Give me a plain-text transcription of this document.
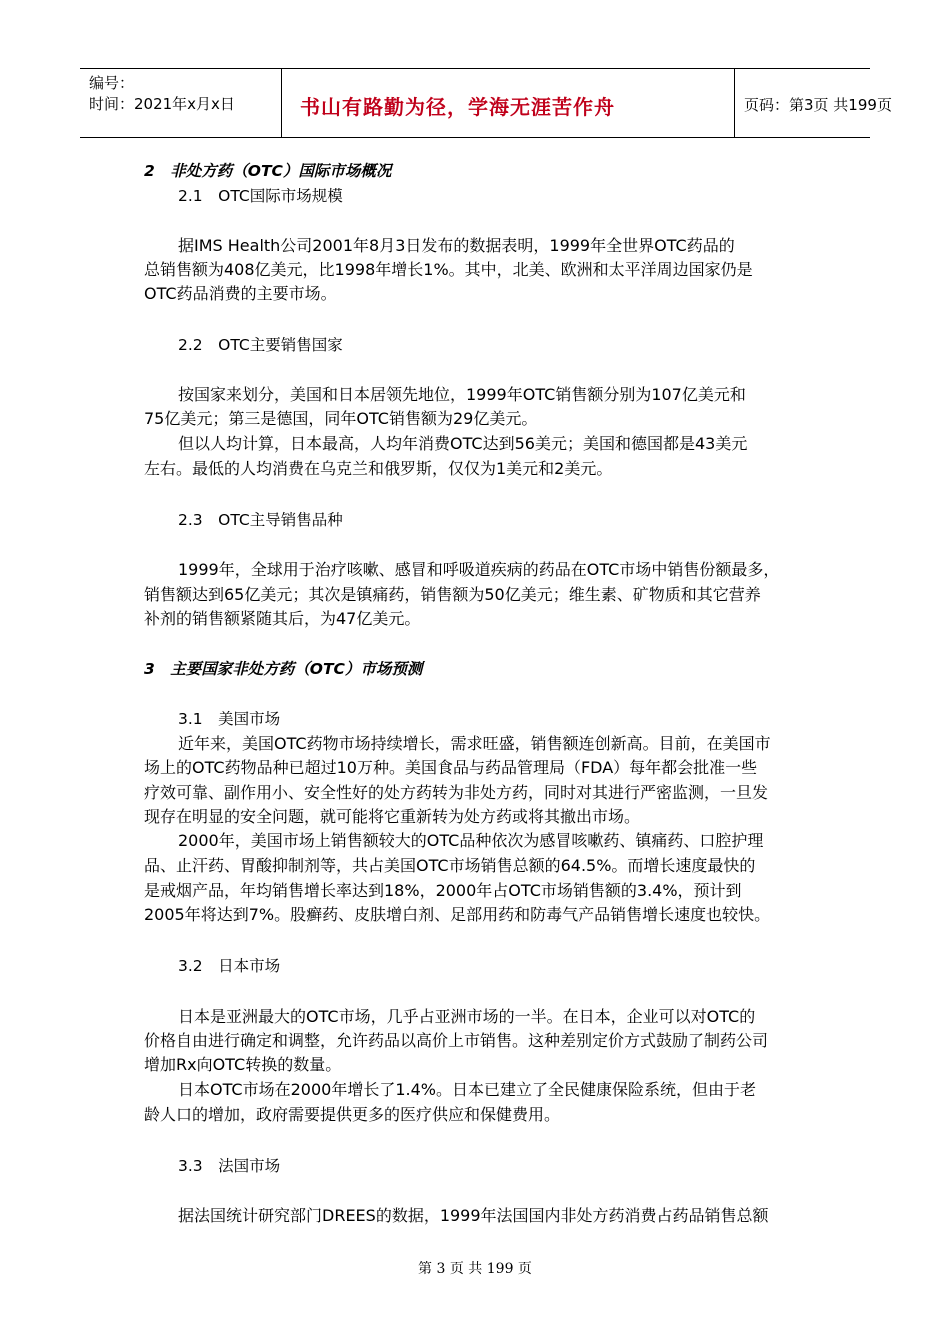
编号：
时间：2021年x月x日	书山有路勤为径，学海无涯苦作舟	页码：第3页 共199页
2　非处方药（OTC）国际市场概况
2.1　OTC国际市场规模
据IMS Health公司2001年8月3日发布的数据表明，1999年全世界OTC药品的
总销售额为408亿美元，比1998年增长1%。其中，北美、欧洲和太平洋周边国家仍是
OTC药品消费的主要市场。
2.2　OTC主要销售国家
按国家来划分，美国和日本居领先地位，1999年OTC销售额分别为107亿美元和
75亿美元；第三是德国，同年OTC销售额为29亿美元。
但以人均计算，日本最高，人均年消费OTC达到56美元；美国和德国都是43美元
左右。最低的人均消费在乌克兰和俄罗斯，仅仅为1美元和2美元。
2.3　OTC主导销售品种
1999年，全球用于治疗咳嗽、感冒和呼吸道疾病的药品在OTC市场中销售份额最多，
销售额达到65亿美元；其次是镇痛药，销售额为50亿美元；维生素、矿物质和其它营养
补剂的销售额紧随其后，为47亿美元。
3　主要国家非处方药（OTC）市场预测
3.1　美国市场
近年来，美国OTC药物市场持续增长，需求旺盛，销售额连创新高。目前，在美国市
场上的OTC药物品种已超过10万种。美国食品与药品管理局（FDA）每年都会批准一些
疗效可靠、副作用小、安全性好的处方药转为非处方药，同时对其进行严密监测，一旦发
现存在明显的安全问题，就可能将它重新转为处方药或将其撤出市场。
2000年，美国市场上销售额较大的OTC品种依次为感冒咳嗽药、镇痛药、口腔护理
品、止汗药、胃酸抑制剂等，共占美国OTC市场销售总额的64.5%。而增长速度最快的
是戒烟产品，年均销售增长率达到18%，2000年占OTC市场销售额的3.4%，预计到
2005年将达到7%。股癣药、皮肤增白剂、足部用药和防毒气产品销售增长速度也较快。
3.2　日本市场
日本是亚洲最大的OTC市场，几乎占亚洲市场的一半。在日本，企业可以对OTC的
价格自由进行确定和调整，允许药品以高价上市销售。这种差别定价方式鼓励了制药公司
增加Rx向OTC转换的数量。
日本OTC市场在2000年增长了1.4%。日本已建立了全民健康保险系统，但由于老
龄人口的增加，政府需要提供更多的医疗供应和保健费用。
3.3　法国市场
据法国统计研究部门DREES的数据，1999年法国国内非处方药消费占药品销售总额
第 3 页 共 199 页
